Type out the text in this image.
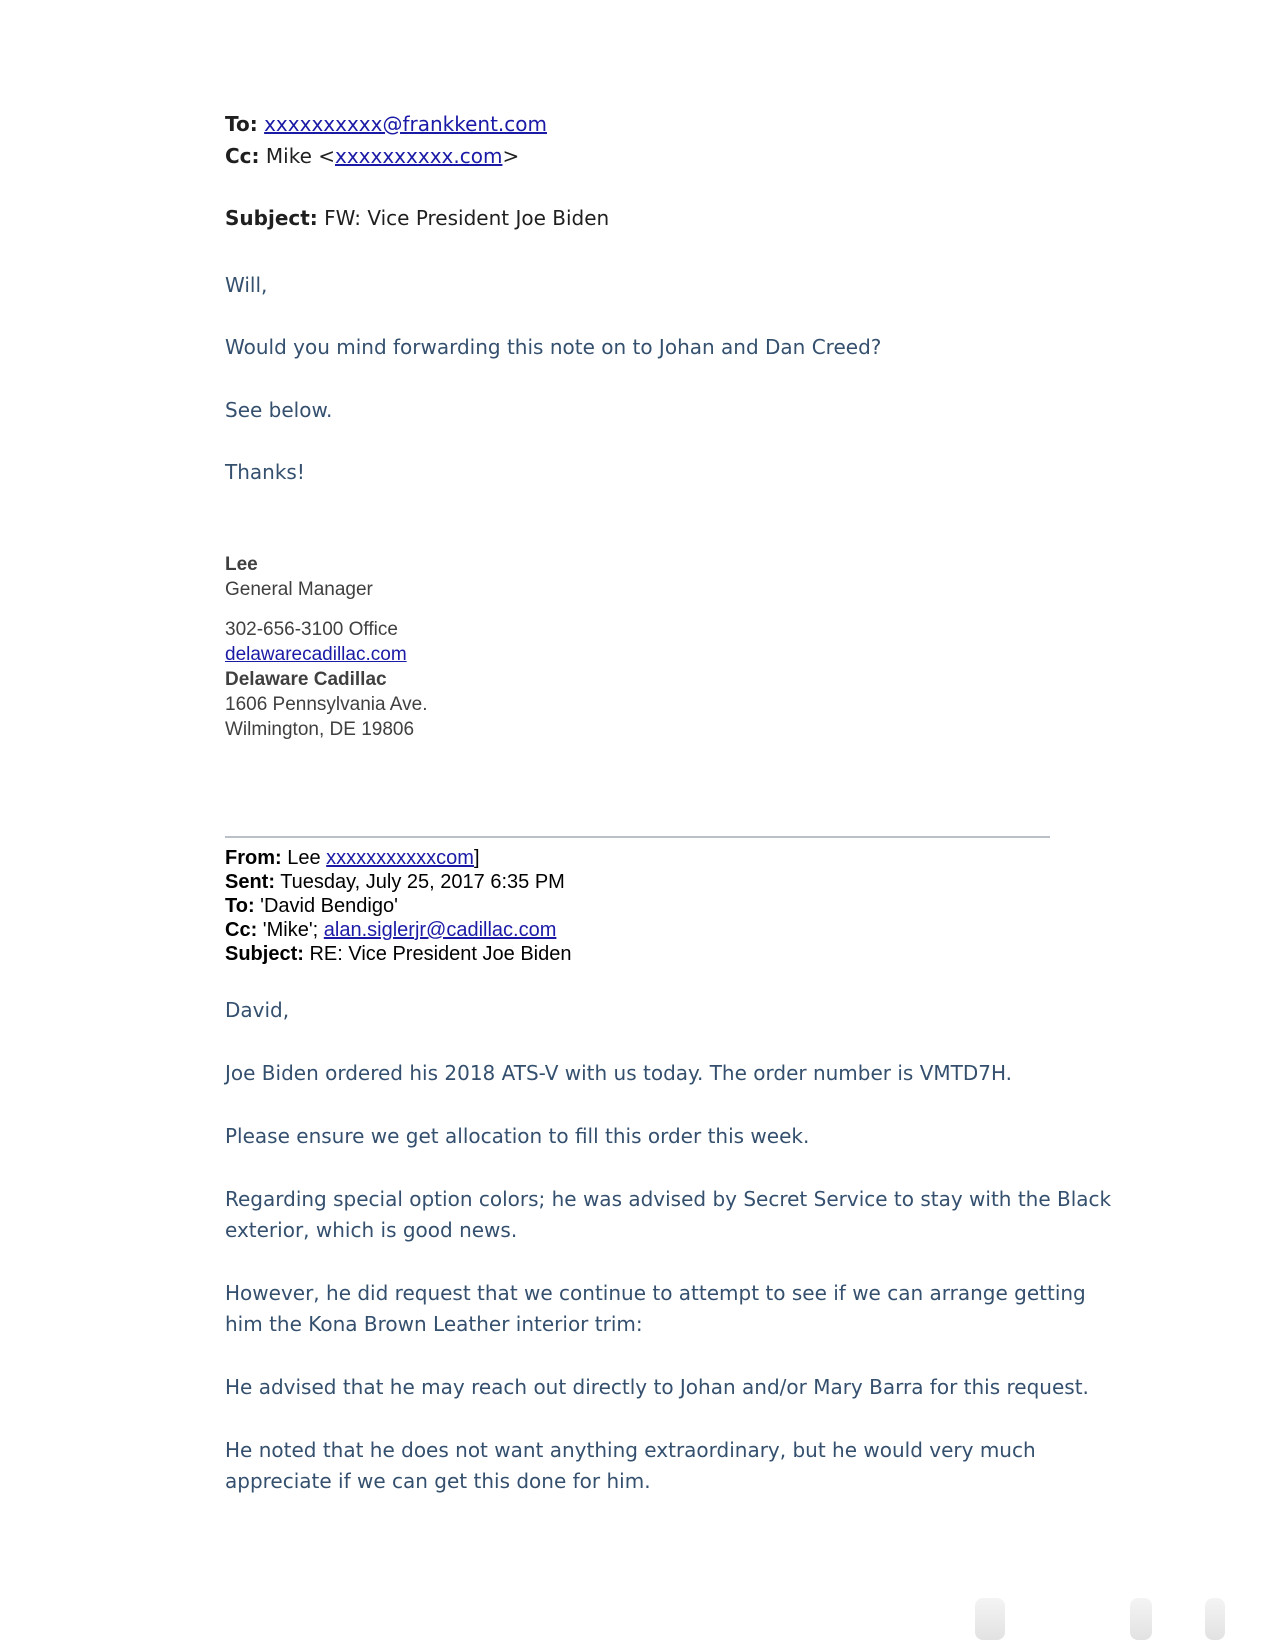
To: xxxxxxxxxx@frankkent.com
Cc: Mike <xxxxxxxxxx.com>
Subject: FW: Vice President Joe Biden
Will,
Would you mind forwarding this note on to Johan and Dan Creed?
See below.
Thanks!
Lee
General Manager
302-656-3100 Office
delawarecadillac.com
Delaware Cadillac
1606 Pennsylvania Ave.
Wilmington, DE 19806
From: Lee xxxxxxxxxxxcom]
Sent: Tuesday, July 25, 2017 6:35 PM
To: 'David Bendigo'
Cc: 'Mike'; alan.siglerjr@cadillac.com
Subject: RE: Vice President Joe Biden
David,
Joe Biden ordered his 2018 ATS-V with us today. The order number is VMTD7H.
Please ensure we get allocation to fill this order this week.
Regarding special option colors; he was advised by Secret Service to stay with the Black
exterior, which is good news.
However, he did request that we continue to attempt to see if we can arrange getting
him the Kona Brown Leather interior trim:
He advised that he may reach out directly to Johan and/or Mary Barra for this request.
He noted that he does not want anything extraordinary, but he would very much
appreciate if we can get this done for him.
